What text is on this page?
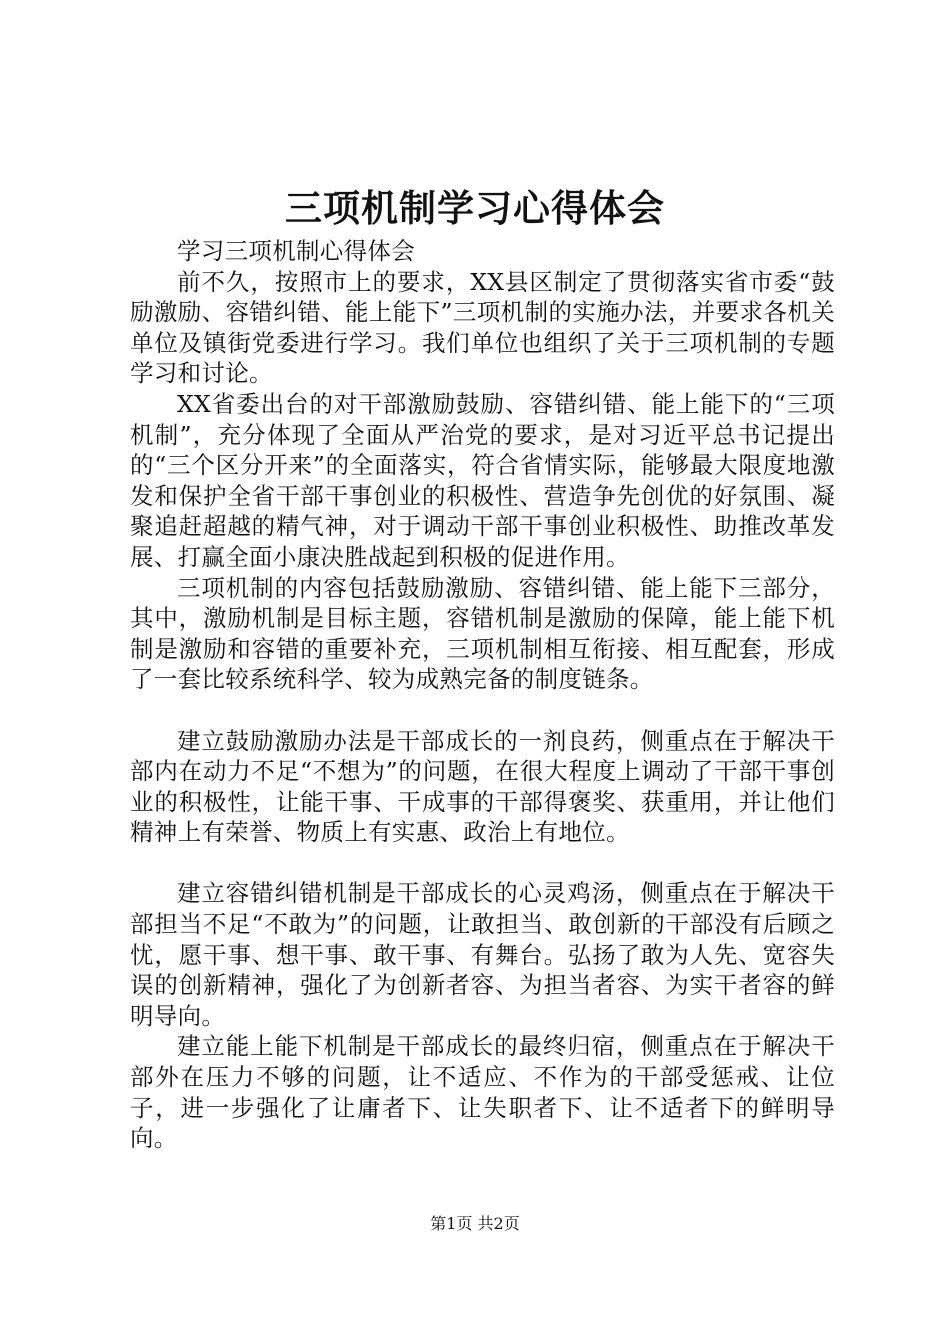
三项机制学习心得体会

学习三项机制心得体会

前不久，按照市上的要求，XX县区制定了贯彻落实省市委“鼓励激励、容错纠错、能上能下”三项机制的实施办法，并要求各机关单位及镇街党委进行学习。我们单位也组织了关于三项机制的专题学习和讨论。

XX省委出台的对干部激励鼓励、容错纠错、能上能下的“三项机制”，充分体现了全面从严治党的要求，是对习近平总书记提出的“三个区分开来”的全面落实，符合省情实际，能够最大限度地激发和保护全省干部干事创业的积极性、营造争先创优的好氛围、凝聚追赶超越的精气神，对于调动干部干事创业积极性、助推改革发展、打赢全面小康决胜战起到积极的促进作用。

三项机制的内容包括鼓励激励、容错纠错、能上能下三部分，其中，激励机制是目标主题，容错机制是激励的保障，能上能下机制是激励和容错的重要补充，三项机制相互衔接、相互配套，形成了一套比较系统科学、较为成熟完备的制度链条。

建立鼓励激励办法是干部成长的一剂良药，侧重点在于解决干部内在动力不足“不想为”的问题，在很大程度上调动了干部干事创业的积极性，让能干事、干成事的干部得褒奖、获重用，并让他们精神上有荣誉、物质上有实惠、政治上有地位。

建立容错纠错机制是干部成长的心灵鸡汤，侧重点在于解决干部担当不足“不敢为”的问题，让敢担当、敢创新的干部没有后顾之忧，愿干事、想干事、敢干事、有舞台。弘扬了敢为人先、宽容失误的创新精神，强化了为创新者容、为担当者容、为实干者容的鲜明导向。

建立能上能下机制是干部成长的最终归宿，侧重点在于解决干部外在压力不够的问题，让不适应、不作为的干部受惩戒、让位子，进一步强化了让庸者下、让失职者下、让不适者下的鲜明导向。

第1页 共2页
